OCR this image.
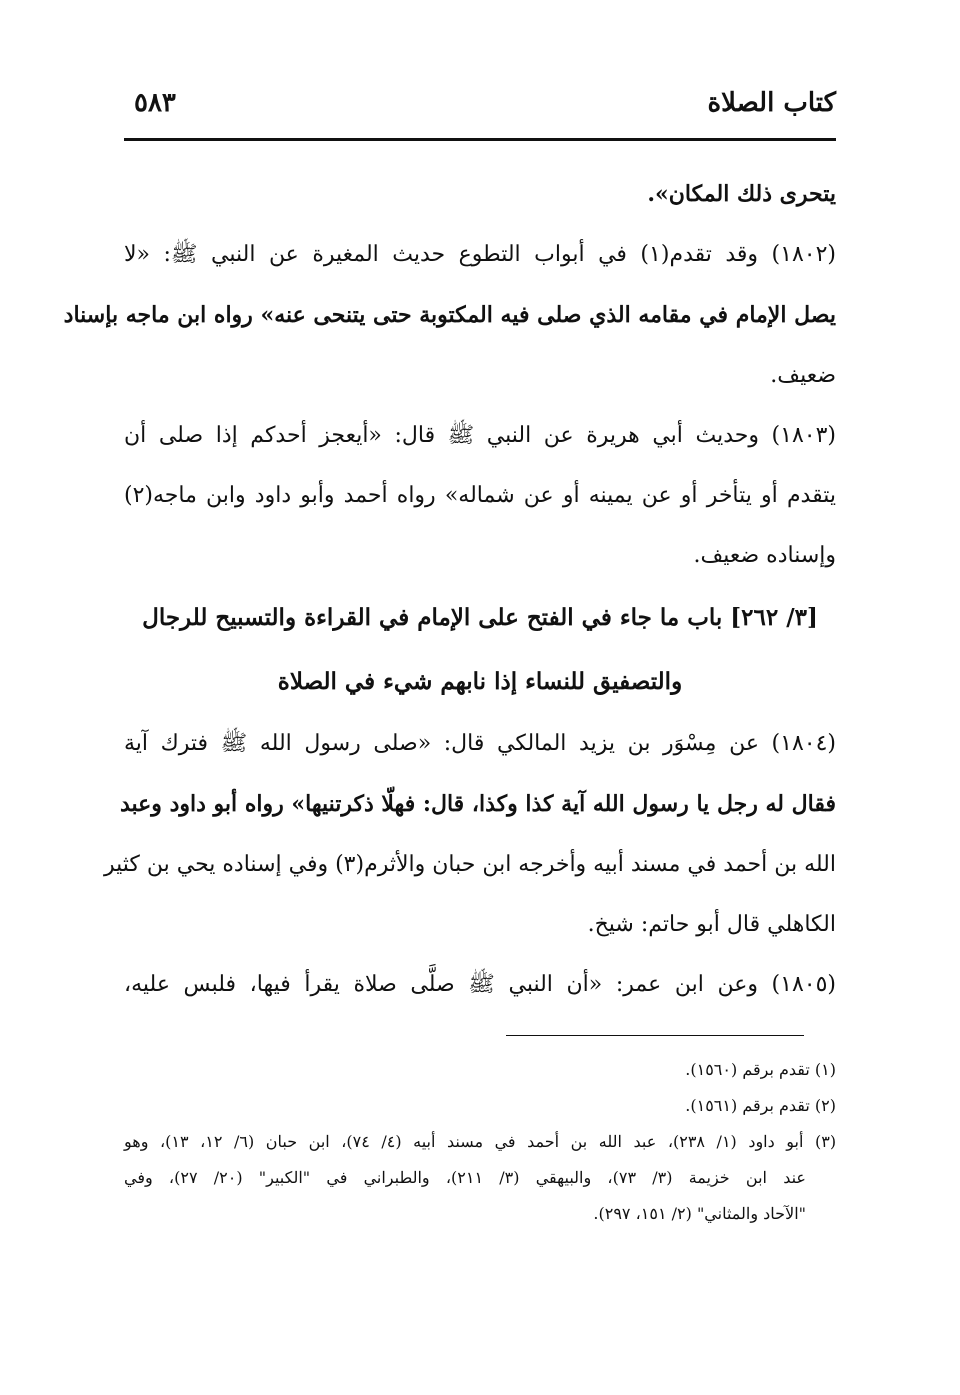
كتاب الصلاة
٥٨٣

يتحرى ذلك المكان».

(١٨٠٢) وقد تقدم(١) في أبواب التطوع حديث المغيرة عن النبي ﷺ: «لا

يصل الإمام في مقامه الذي صلى فيه المكتوبة حتى يتنحى عنه» رواه ابن ماجه بإسناد

ضعيف.

(١٨٠٣) وحديث أبي هريرة عن النبي ﷺ قال: «أيعجز أحدكم إذا صلى أن

يتقدم أو يتأخر أو عن يمينه أو عن شماله» رواه أحمد وأبو داود وابن ماجه(٢)

وإسناده ضعيف.

[٣/ ٢٦٢] باب ما جاء في الفتح على الإمام في القراءة والتسبيح للرجال

والتصفيق للنساء إذا نابهم شيء في الصلاة

(١٨٠٤) عن مِسْوَر بن يزيد المالكي قال: «صلى رسول الله ﷺ فترك آية

فقال له رجل يا رسول الله آية كذا وكذا، قال: فهلّا ذكرتنيها» رواه أبو داود وعبد

الله بن أحمد في مسند أبيه وأخرجه ابن حبان والأثرم(٣) وفي إسناده يحي بن كثير

الكاهلي قال أبو حاتم: شيخ.

(١٨٠٥) وعن ابن عمر: «أن النبي ﷺ صلَّى صلاة يقرأ فيها، فلبس عليه،

(١) تقدم برقم (١٥٦٠).

(٢) تقدم برقم (١٥٦١).

(٣) أبو داود (١/ ٢٣٨)، عبد الله بن أحمد في مسند أبيه (٤/ ٧٤)، ابن حبان (٦/ ١٢، ١٣)، وهو

عند ابن خزيمة (٣/ ٧٣)، والبيهقي (٣/ ٢١١)، والطبراني في "الكبير" (٢٠/ ٢٧)، وفي

"الآحاد والمثاني" (٢/ ١٥١، ٢٩٧).
